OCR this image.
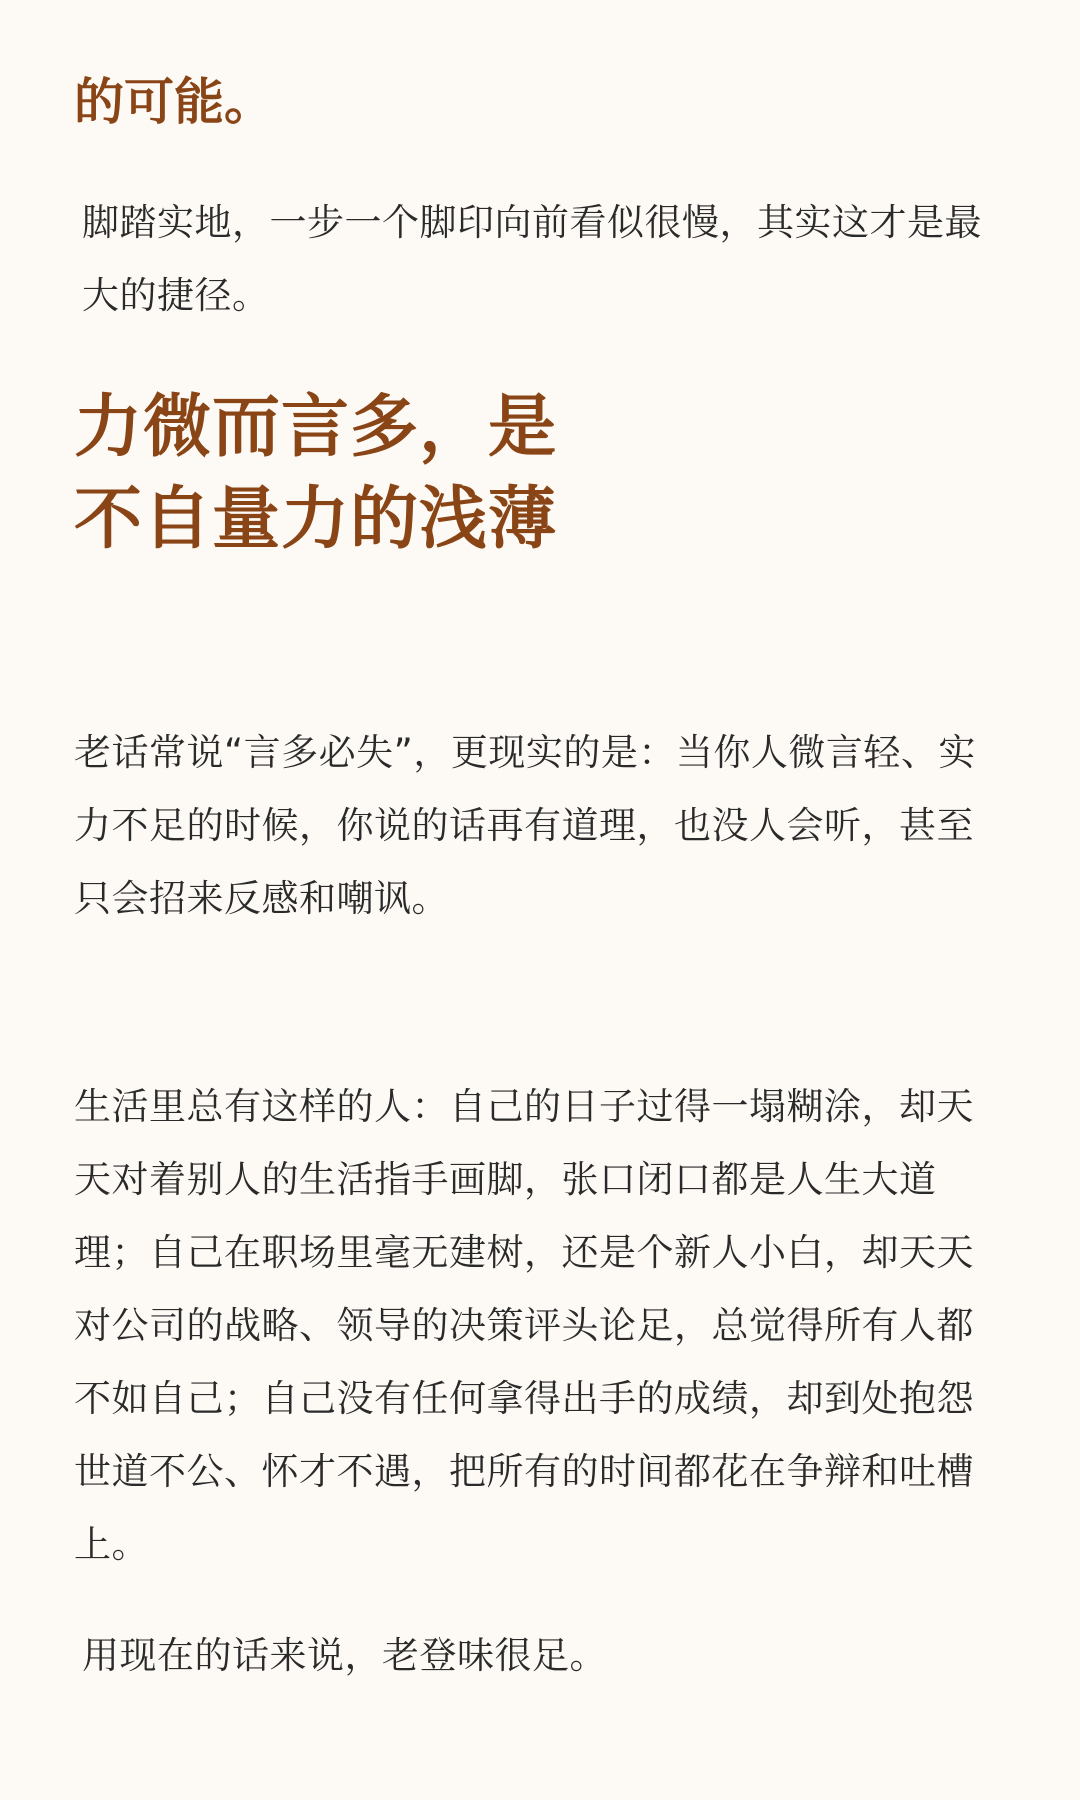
的可能。

脚踏实地，一步一个脚印向前看似很慢，其实这才是最大的捷径。

力微而言多，是
不自量力的浅薄

老话常说“言多必失”，更现实的是：当你人微言轻、实力不足的时候，你说的话再有道理，也没人会听，甚至只会招来反感和嘲讽。

生活里总有这样的人：自己的日子过得一塌糊涂，却天天对着别人的生活指手画脚，张口闭口都是人生大道理；自己在职场里毫无建树，还是个新人小白，却天天对公司的战略、领导的决策评头论足，总觉得所有人都不如自己；自己没有任何拿得出手的成绩，却到处抱怨世道不公、怀才不遇，把所有的时间都花在争辩和吐槽上。

用现在的话来说，老登味很足。
